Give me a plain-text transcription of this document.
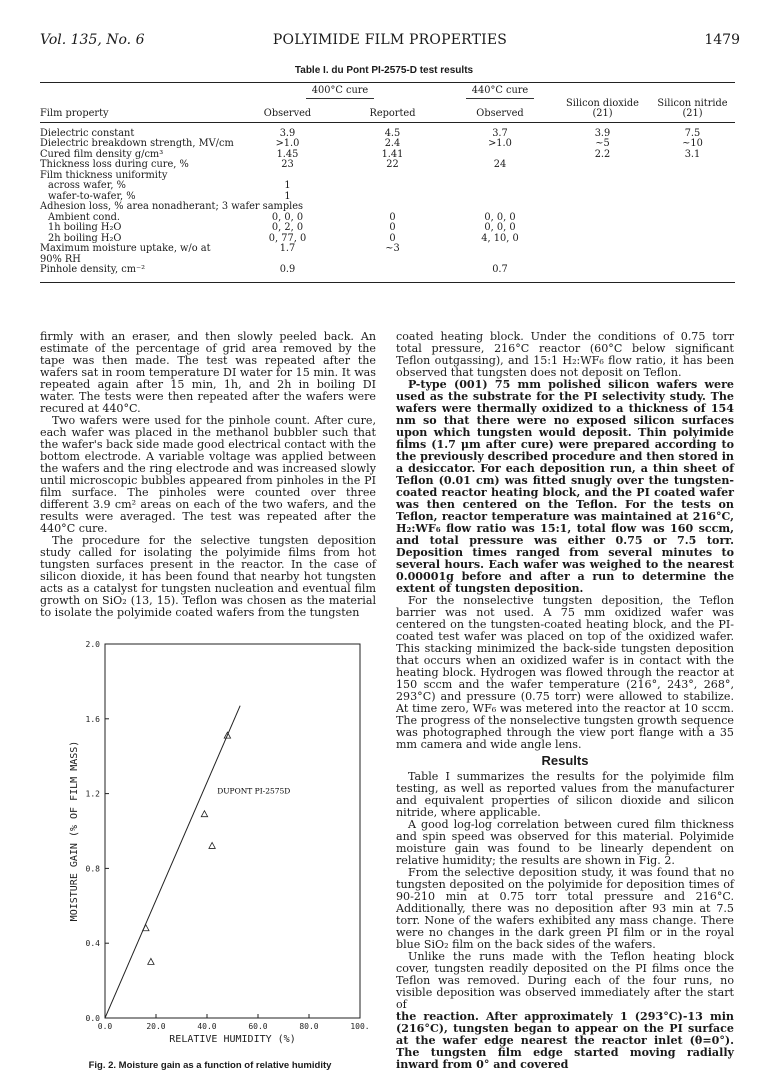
Vol. 135, No. 6	POLYIMIDE FILM PROPERTIES	1479
Table I. du Pont PI-2575-D test results
	400°C cure		440°C cure		
Film property	Observed	Reported	Observed	Silicon dioxide (21)	Silicon nitride (21)
Dielectric constant	3.9	4.5	3.7	3.9	7.5
Dielectric breakdown strength, MV/cm	>1.0	2.4	>1.0	~5	~10
Cured film density g/cm³	1.45	1.41		2.2	3.1
Thickness loss during cure, %	23	22	24		
Film thickness uniformity					
across wafer, %	1				
wafer-to-wafer, %	1				
Adhesion loss, % area nonadherant; 3 wafer samples					
Ambient cond.	0, 0, 0	0	0, 0, 0		
1h boiling H₂O	0, 2, 0	0	0, 0, 0		
2h boiling H₂O	0, 77, 0	0	4, 10, 0		
Maximum moisture uptake, w/o at 90% RH	1.7	~3			
Pinhole density, cm⁻²	0.9		0.7		

firmly with an eraser, and then slowly peeled back. An estimate of the percentage of grid area removed by the tape was then made. The test was repeated after the wafers sat in room temperature DI water for 15 min. It was repeated again after 15 min, 1h, and 2h in boiling DI water. The tests were then repeated after the wafers were recured at 440°C.

Two wafers were used for the pinhole count. After cure, each wafer was placed in the methanol bubbler such that the wafer's back side made good electrical contact with the bottom electrode. A variable voltage was applied between the wafers and the ring electrode and was increased slowly until microscopic bubbles appeared from pinholes in the PI film surface. The pinholes were counted over three different 3.9 cm² areas on each of the two wafers, and the results were averaged. The test was repeated after the 440°C cure.

The procedure for the selective tungsten deposition study called for isolating the polyimide films from hot tungsten surfaces present in the reactor. In the case of silicon dioxide, it has been found that nearby hot tungsten acts as a catalyst for tungsten nucleation and eventual film growth on SiO₂ (13, 15). Teflon was chosen as the material to isolate the polyimide coated wafers from the tungsten

0.0	20.0	40.0	60.0	80.0	100.
0.0
0.4
0.8
1.2
1.6
2.0
RELATIVE HUMIDITY (%)
MOISTURE GAIN (% OF FILM MASS)	DUPONT PI-2575D
Fig. 2. Moisture gain as a function of relative humidity

coated heating block. Under the conditions of 0.75 torr total pressure, 216°C reactor (60°C below significant Teflon outgassing), and 15:1 H₂:WF₆ flow ratio, it has been observed that tungsten does not deposit on Teflon.

P-type (001) 75 mm polished silicon wafers were used as the substrate for the PI selectivity study. The wafers were thermally oxidized to a thickness of 154 nm so that there were no exposed silicon surfaces upon which tungsten would deposit. Thin polyimide films (1.7 μm after cure) were prepared according to the previously described procedure and then stored in a desiccator. For each deposition run, a thin sheet of Teflon (0.01 cm) was fitted snugly over the tungsten-coated reactor heating block, and the PI coated wafer was then centered on the Teflon. For the tests on Teflon, reactor temperature was maintained at 216°C, H₂:WF₆ flow ratio was 15:1, total flow was 160 sccm, and total pressure was either 0.75 or 7.5 torr. Deposition times ranged from several minutes to several hours. Each wafer was weighed to the nearest 0.00001g before and after a run to determine the extent of tungsten deposition.

For the nonselective tungsten deposition, the Teflon barrier was not used. A 75 mm oxidized wafer was centered on the tungsten-coated heating block, and the PI-coated test wafer was placed on top of the oxidized wafer. This stacking minimized the back-side tungsten deposition that occurs when an oxidized wafer is in contact with the heating block. Hydrogen was flowed through the reactor at 150 sccm and the wafer temperature (216°, 243°, 268°, 293°C) and pressure (0.75 torr) were allowed to stabilize. At time zero, WF₆ was metered into the reactor at 10 sccm. The progress of the nonselective tungsten growth sequence was photographed through the view port flange with a 35 mm camera and wide angle lens.

Results

Table I summarizes the results for the polyimide film testing, as well as reported values from the manufacturer and equivalent properties of silicon dioxide and silicon nitride, where applicable.

A good log-log correlation between cured film thickness and spin speed was observed for this material. Polyimide moisture gain was found to be linearly dependent on relative humidity; the results are shown in Fig. 2.

From the selective deposition study, it was found that no tungsten deposited on the polyimide for deposition times of 90-210 min at 0.75 torr total pressure and 216°C. Additionally, there was no deposition after 93 min at 7.5 torr. None of the wafers exhibited any mass change. There were no changes in the dark green PI film or in the royal blue SiO₂ film on the back sides of the wafers.

Unlike the runs made with the Teflon heating block cover, tungsten readily deposited on the PI films once the Teflon was removed. During each of the four runs, no visible deposition was observed immediately after the start of

the reaction. After approximately 1 (293°C)-13 min (216°C), tungsten began to appear on the PI surface at the wafer edge nearest the reactor inlet (θ=0°). The tungsten film edge started moving radially inward from 0° and covered
